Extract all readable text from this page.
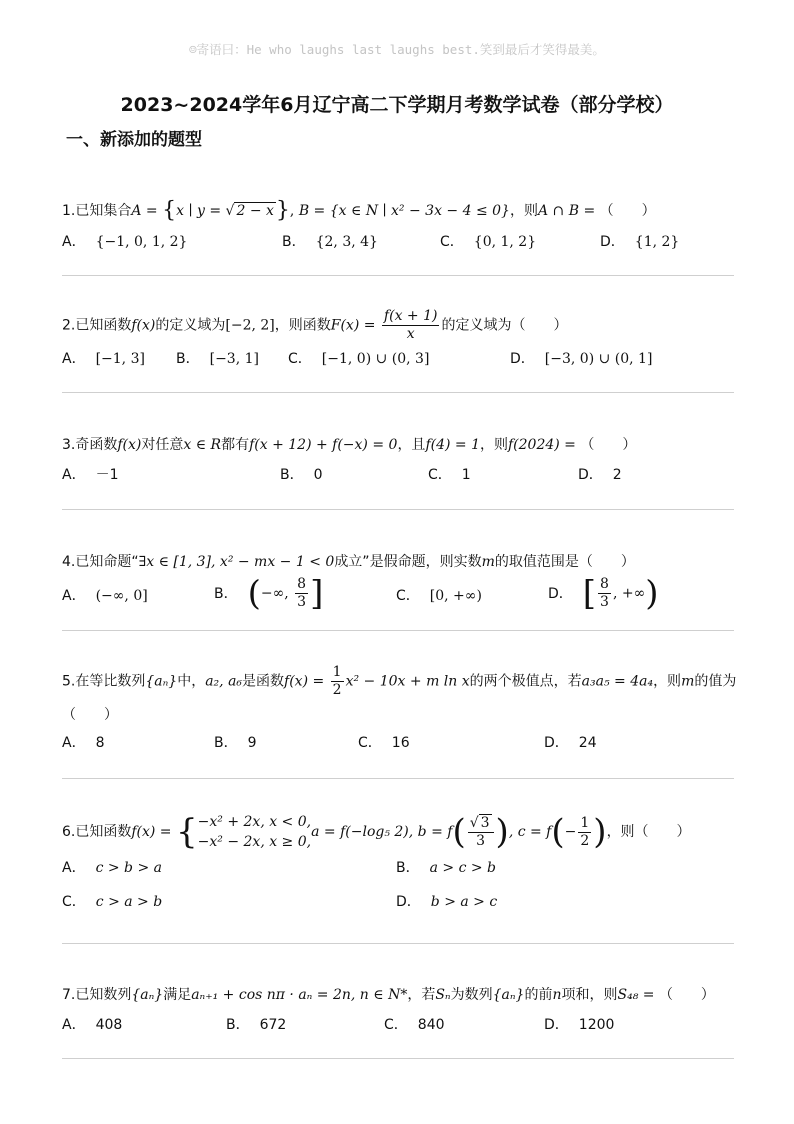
☺寄语曰：He who laughs last laughs best.笑到最后才笑得最美。
2023~2024学年6月辽宁高二下学期月考数学试卷（部分学校）
一、新添加的题型
1.已知集合A = {x ∣ y = √ 2 − x}, B = {x ∈ N ∣ x² − 3x − 4 ≤ 0}，则A ∩ B = （　　）
A． {−1, 0, 1, 2}	B． {2, 3, 4}	C． {0, 1, 2}	D． {1, 2}
2.已知函数f(x)的定义域为[−2, 2]，则函数$F(x) = \frac{f(x + 1)}{x}$ 的定义域为（　　）
A． [−1, 3] B． [−3, 1] C． [−1, 0) ∪ (0, 3]	D． [−3, 0) ∪ (0, 1]
3.奇函数f(x)对任意x ∈ R都有f(x + 12) + f(−x) = 0，且f(4) = 1，则f(2024) = （　　）
A． －1	B． 0	C． 1	D． 2
4.已知命题“∃x ∈ [1, 3], x² − mx − 1 < 0成立”是假命题，则实数m的取值范围是（　　）
A． (−∞, 0]	B． (−∞, $\frac{8}{3}$ ]	C． [0, +∞)	D． [ $\frac{8}{3}$ , +∞)
5.在等比数列{aₙ}中，a₂, a₆是函数$f(x) = \frac{1}{2} x^2 - 10x + m$ ln x的两个极值点，若a₃a₅ = 4a₄，则m的值为
（　　）
A． 8	B． 9	C． 16	D． 24
6.已知函数f(x) = { −x² + 2x, x < 0,
−x² − 2x, x ≥ 0,
a = f(−log₅ 2), $b = f( \frac{√ 3}{3}$ ), $c = f(- \frac{1}{2}$ )，则（　　）
A． c > b > a	B． a > c > b
C． c > a > b	D． b > a > c
7.已知数列{aₙ}满足aₙ₊₁ + cos nπ · aₙ = 2n, n ∈ N*，若Sₙ为数列{aₙ}的前n项和，则S₄₈ = （　　）
A． 408	B． 672	C． 840	D． 1200
